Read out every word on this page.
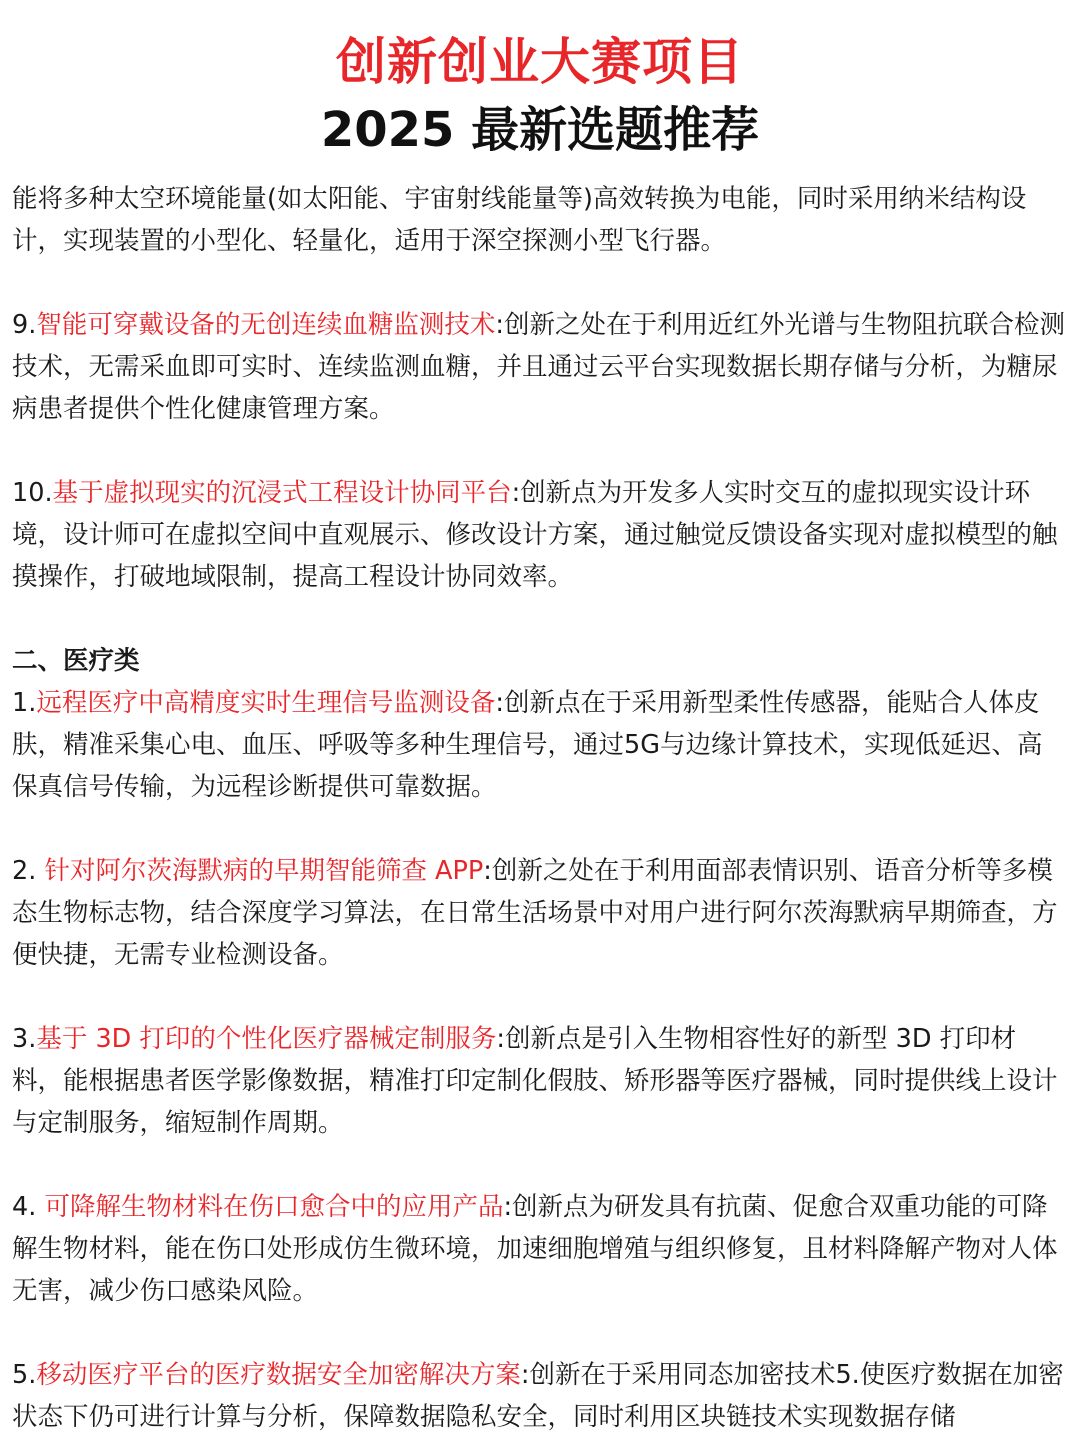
创新创业大赛项目
2025 最新选题推荐

能将多种太空环境能量(如太阳能、宇宙射线能量等)高效转换为电能，同时采用纳米结构设计，实现装置的小型化、轻量化，适用于深空探测小型飞行器。

9.智能可穿戴设备的无创连续血糖监测技术:创新之处在于利用近红外光谱与生物阻抗联合检测技术，无需采血即可实时、连续监测血糖，并且通过云平台实现数据长期存储与分析，为糖尿病患者提供个性化健康管理方案。

10.基于虚拟现实的沉浸式工程设计协同平台:创新点为开发多人实时交互的虚拟现实设计环境，设计师可在虚拟空间中直观展示、修改设计方案，通过触觉反馈设备实现对虚拟模型的触摸操作，打破地域限制，提高工程设计协同效率。

二、医疗类

1.远程医疗中高精度实时生理信号监测设备:创新点在于采用新型柔性传感器，能贴合人体皮肤，精准采集心电、血压、呼吸等多种生理信号，通过5G与边缘计算技术，实现低延迟、高保真信号传输，为远程诊断提供可靠数据。

2. 针对阿尔茨海默病的早期智能筛查 APP:创新之处在于利用面部表情识别、语音分析等多模态生物标志物，结合深度学习算法，在日常生活场景中对用户进行阿尔茨海默病早期筛查，方便快捷，无需专业检测设备。

3.基于 3D 打印的个性化医疗器械定制服务:创新点是引入生物相容性好的新型 3D 打印材料，能根据患者医学影像数据，精准打印定制化假肢、矫形器等医疗器械，同时提供线上设计与定制服务，缩短制作周期。

4. 可降解生物材料在伤口愈合中的应用产品:创新点为研发具有抗菌、促愈合双重功能的可降解生物材料，能在伤口处形成仿生微环境，加速细胞增殖与组织修复，且材料降解产物对人体无害，减少伤口感染风险。

5.移动医疗平台的医疗数据安全加密解决方案:创新在于采用同态加密技术5.使医疗数据在加密状态下仍可进行计算与分析，保障数据隐私安全，同时利用区块链技术实现数据存储
